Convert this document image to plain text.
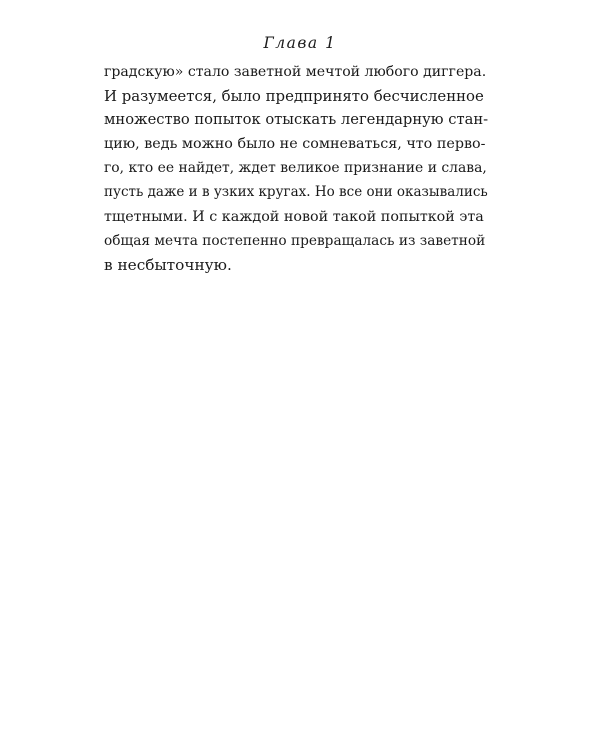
Глава 1
градскую» стало заветной мечтой любого диггера.
И разумеется, было предпринято бесчисленное
множество попыток отыскать легендарную стан-
цию, ведь можно было не сомневаться, что перво-
го, кто ее найдет, ждет великое признание и слава,
пусть даже и в узких кругах. Но все они оказывались
тщетными. И с каждой новой такой попыткой эта
общая мечта постепенно превращалась из заветной
в несбыточную.
